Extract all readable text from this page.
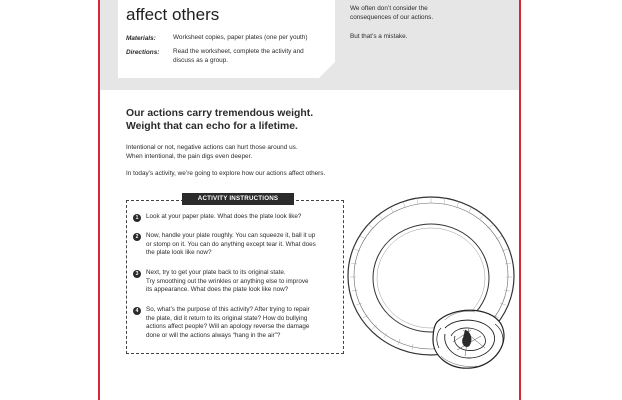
affect others
Materials:	Worksheet copies, paper plates (one per youth)
Directions: Read the worksheet, complete the activity and
discuss as a group.
We often don’t consider the
consequences of our actions.
But that’s a mistake.
Our actions carry tremendous weight.
Weight that can echo for a lifetime.
Intentional or not, negative actions can hurt those around us.
When intentional, the pain digs even deeper.
In today’s activity, we’re going to explore how our actions affect others.
ACTIVITY INSTRUCTIONS
1	Look at your paper plate. What does the plate look like?
2	Now, handle your plate roughly. You can squeeze it, ball it up
or stomp on it. You can do anything except tear it. What does
the plate look like now?
3	Next, try to get your plate back to its original state.
Try smoothing out the wrinkles or anything else to improve
its appearance. What does the plate look like now?
4	So, what’s the purpose of this activity? After trying to repair
the plate, did it return to its original state? How do bullying
actions affect people? Will an apology reverse the damage
done or will the actions always “hang in the air”?
